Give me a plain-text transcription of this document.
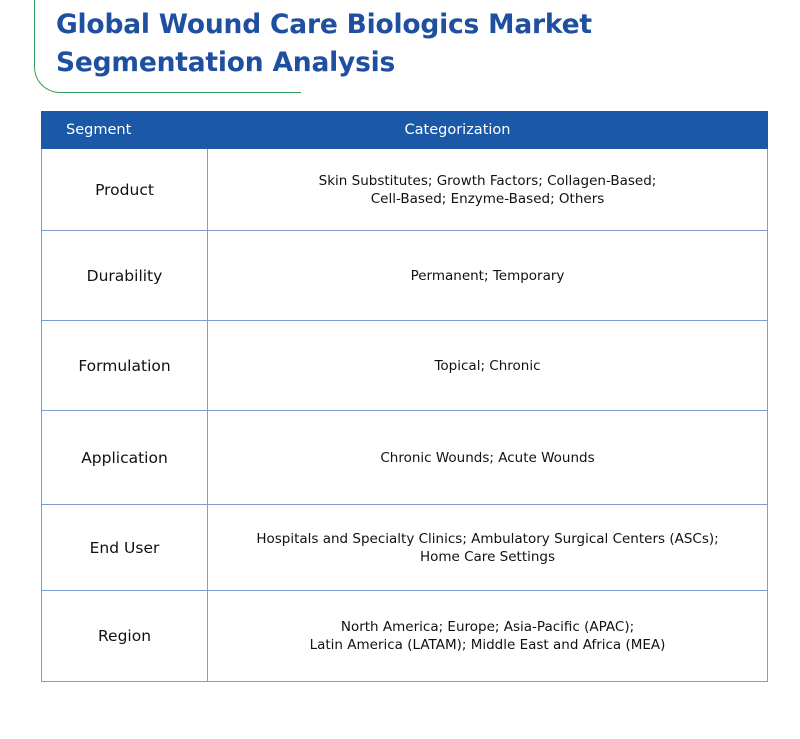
Global Wound Care Biologics Market
Segmentation Analysis
Segment	Categorization
Product	Skin Substitutes; Growth Factors; Collagen-Based;
Cell-Based; Enzyme-Based; Others

Durability	Permanent; Temporary

Formulation	Topical; Chronic

Application	Chronic Wounds; Acute Wounds

End User	Hospitals and Specialty Clinics; Ambulatory Surgical Centers (ASCs);
Home Care Settings

Region	North America; Europe; Asia-Pacific (APAC);
Latin America (LATAM); Middle East and Africa (MEA)
